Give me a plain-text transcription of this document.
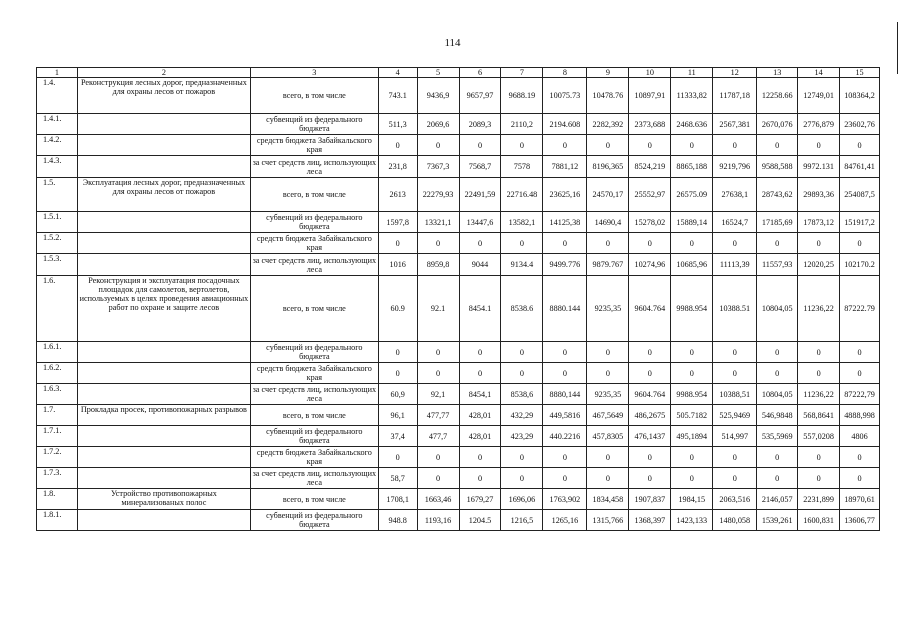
114
1	2	3	4	5	6	7	8	9	10	11	12	13	14	15
1.4.	Реконструкция лесных дорог, предназначенных для охраны лесов от пожаров	всего, в том числе	743.1	9436,9	9657,97	9688.19	10075.73	10478.76	10897,91	11333,82	11787,18	12258.66	12749,01	108364,2
1.4.1.		субвенций из федерального бюджета	511,3	2069,6	2089,3	2110,2	2194.608	2282,392	2373,688	2468.636	2567,381	2670,076	2776,879	23602,76
1.4.2.		средств бюджета Забайкальского края	0	0	0	0	0	0	0	0	0	0	0	0
1.4.3.		за счет средств лиц, использующих леса	231,8	7367,3	7568,7	7578	7881,12	8196,365	8524,219	8865,188	9219,796	9588,588	9972.131	84761,41
1.5.	Эксплуатация лесных дорог, предназначенных для охраны лесов от пожаров	всего, в том числе	2613	22279,93	22491,59	22716.48	23625,16	24570,17	25552,97	26575.09	27638,1	28743,62	29893,36	254087,5
1.5.1.		субвенций из федерального бюджета	1597,8	13321,1	13447,6	13582,1	14125,38	14690,4	15278,02	15889,14	16524,7	17185,69	17873,12	151917,2
1.5.2.		средств бюджета Забайкальского края	0	0	0	0	0	0	0	0	0	0	0	0
1.5.3.		за счет средств лиц, использующих леса	1016	8959,8	9044	9134.4	9499.776	9879.767	10274,96	10685,96	11113,39	11557,93	12020,25	102170.2
1.6.	Реконструкция и эксплуатация посадочных площадок для самолетов, вертолетов, используемых в целях проведения авиационных работ по охране и защите лесов	всего, в том числе	60.9	92.1	8454.1	8538.6	8880.144	9235,35	9604.764	9988.954	10388.51	10804,05	11236,22	87222.79
1.6.1.		субвенций из федерального бюджета	0	0	0	0	0	0	0	0	0	0	0	0
1.6.2.		средств бюджета Забайкальского края	0	0	0	0	0	0	0	0	0	0	0	0
1.6.3.		за счет средств лиц, использующих леса	60,9	92,1	8454,1	8538,6	8880,144	9235,35	9604.764	9988.954	10388,51	10804,05	11236,22	87222,79
1.7.	Прокладка просек, противопожарных разрывов	всего, в том числе	96,1	477,77	428,01	432,29	449,5816	467,5649	486,2675	505.7182	525,9469	546,9848	568,8641	4888,998
1.7.1.		субвенций из федерального бюджета	37,4	477,7	428,01	423,29	440.2216	457,8305	476,1437	495,1894	514,997	535,5969	557,0208	4806
1.7.2.		средств бюджета Забайкальского края	0	0	0	0	0	0	0	0	0	0	0	0
1.7.3.		за счет средств лиц, использующих леса	58,7	0	0	0	0	0	0	0	0	0	0	0
1.8.	Устройство противопожарных минерализованых полос	всего, в том числе	1708,1	1663,46	1679,27	1696,06	1763,902	1834,458	1907,837	1984,15	2063,516	2146,057	2231,899	18970,61
1.8.1.		субвенций из федерального бюджета	948.8	1193,16	1204.5	1216,5	1265,16	1315,766	1368,397	1423,133	1480,058	1539,261	1600,831	13606,77
